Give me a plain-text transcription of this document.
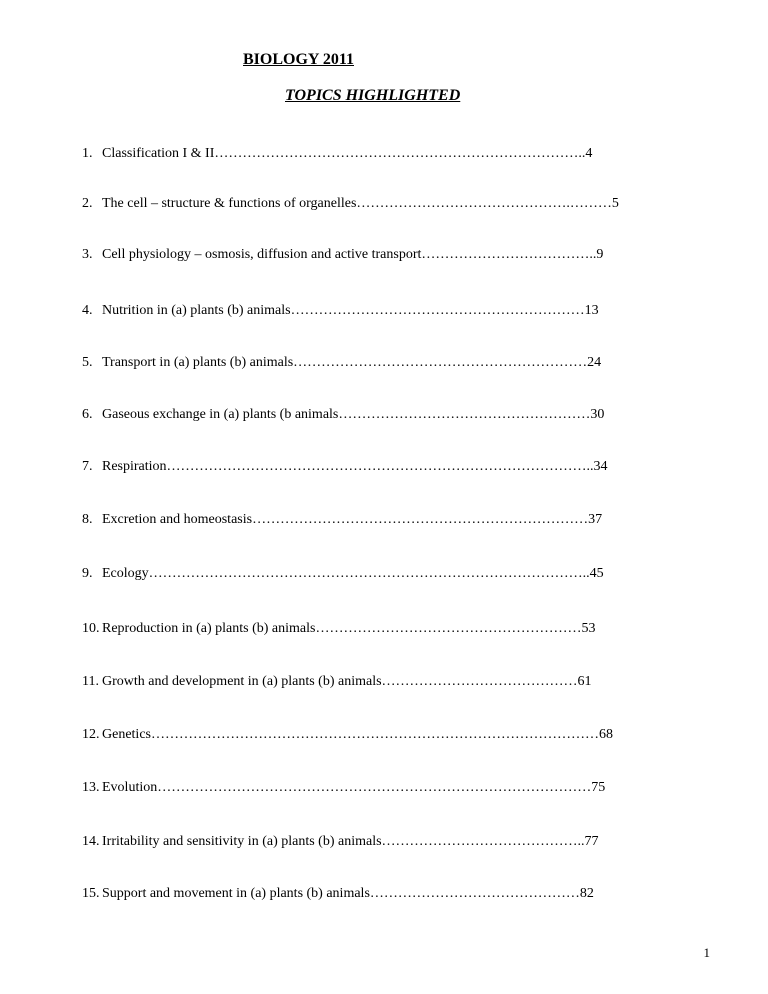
BIOLOGY 2011
TOPICS HIGHLIGHTED
1. Classification I & II……………………………………………………………………..4
2. The cell – structure & functions of organelles……………………………………….………5
3. Cell physiology – osmosis, diffusion and active transport………………………………..9
4. Nutrition in (a) plants (b) animals………………………………………………………13
5. Transport in (a) plants (b) animals………………………………………………………24
6. Gaseous exchange in (a) plants (b animals………………………………………………30
7. Respiration………………………………………………………………………………..34
8. Excretion and homeostasis………………………………………………………………37
9. Ecology…………………………………………………………………………………..45
10. Reproduction in (a) plants (b) animals…………………………………………………53
11. Growth and development in (a) plants (b) animals……………………………………61
12. Genetics……………………………………………………………………………………68
13. Evolution…………………………………………………………………………………75
14. Irritability and sensitivity in (a) plants (b) animals……………………………………..77
15. Support and movement in (a) plants (b) animals………………………………………82
1
